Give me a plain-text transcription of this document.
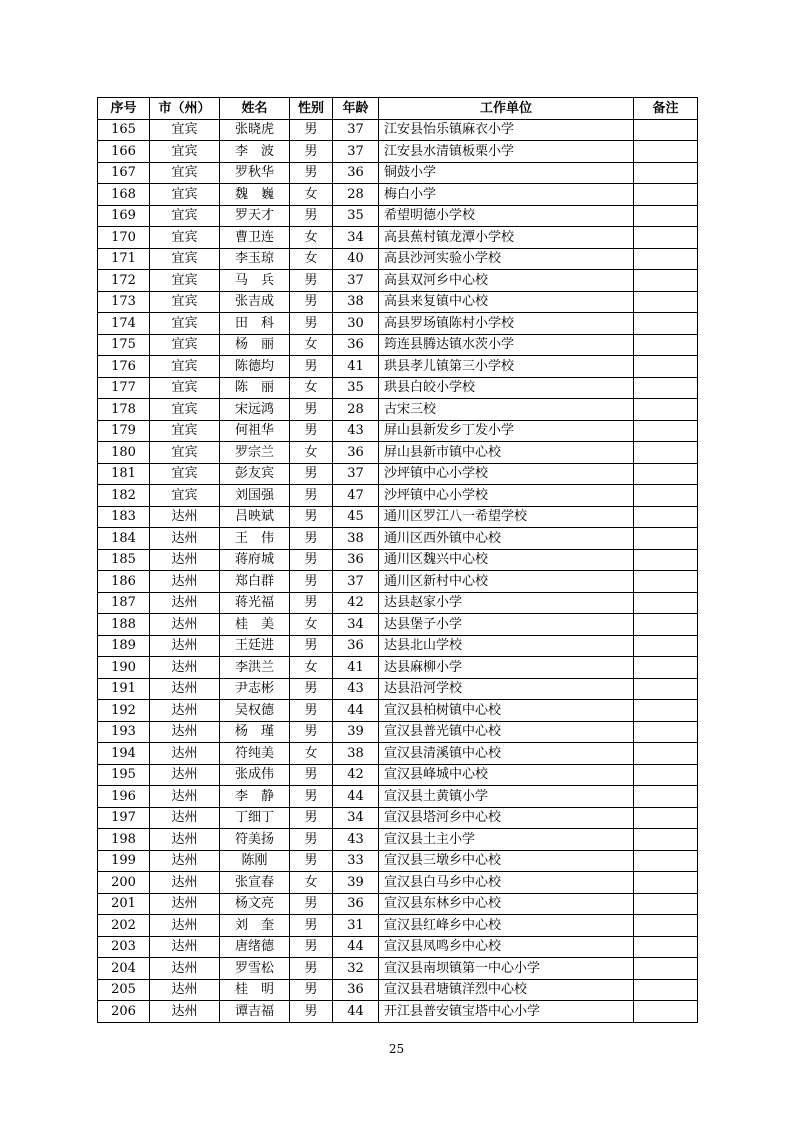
序号	市（州）	姓名	性别	年龄	工作单位	备注
165	宜宾	张晓虎	男	37	江安县怡乐镇麻衣小学	
166	宜宾	李　波	男	37	江安县水清镇板栗小学	
167	宜宾	罗秋华	男	36	铜鼓小学	
168	宜宾	魏　巍	女	28	梅白小学	
169	宜宾	罗天才	男	35	希望明德小学校	
170	宜宾	曹卫连	女	34	高县蕉村镇龙潭小学校	
171	宜宾	李玉琼	女	40	高县沙河实验小学校	
172	宜宾	马　兵	男	37	高县双河乡中心校	
173	宜宾	张吉成	男	38	高县来复镇中心校	
174	宜宾	田　科	男	30	高县罗场镇陈村小学校	
175	宜宾	杨　丽	女	36	筠连县腾达镇水茨小学	
176	宜宾	陈德均	男	41	珙县孝儿镇第三小学校	
177	宜宾	陈　丽	女	35	珙县白皎小学校	
178	宜宾	宋远鸿	男	28	古宋三校	
179	宜宾	何祖华	男	43	屏山县新发乡丁发小学	
180	宜宾	罗宗兰	女	36	屏山县新市镇中心校	
181	宜宾	彭友宾	男	37	沙坪镇中心小学校	
182	宜宾	刘国强	男	47	沙坪镇中心小学校	
183	达州	吕映斌	男	45	通川区罗江八一希望学校	
184	达州	王　伟	男	38	通川区西外镇中心校	
185	达州	蒋府城	男	36	通川区魏兴中心校	
186	达州	郑白群	男	37	通川区新村中心校	
187	达州	蒋光福	男	42	达县赵家小学	
188	达州	桂　美	女	34	达县堡子小学	
189	达州	王廷进	男	36	达县北山学校	
190	达州	李洪兰	女	41	达县麻柳小学	
191	达州	尹志彬	男	43	达县沿河学校	
192	达州	吴权德	男	44	宣汉县柏树镇中心校	
193	达州	杨　瑾	男	39	宣汉县普光镇中心校	
194	达州	符纯美	女	38	宣汉县清溪镇中心校	
195	达州	张成伟	男	42	宣汉县峰城中心校	
196	达州	李　静	男	44	宣汉县土黄镇小学	
197	达州	丁细丁	男	34	宣汉县塔河乡中心校	
198	达州	符美扬	男	43	宣汉县土主小学	
199	达州	陈刚	男	33	宣汉县三墩乡中心校	
200	达州	张宣春	女	39	宣汉县白马乡中心校	
201	达州	杨文亮	男	36	宣汉县东林乡中心校	
202	达州	刘　奎	男	31	宣汉县红峰乡中心校	
203	达州	唐绪德	男	44	宣汉县凤鸣乡中心校	
204	达州	罗雪松	男	32	宣汉县南坝镇第一中心小学	
205	达州	桂　明	男	36	宣汉县君塘镇洋烈中心校	
206	达州	谭吉福	男	44	开江县普安镇宝塔中心小学	
25
